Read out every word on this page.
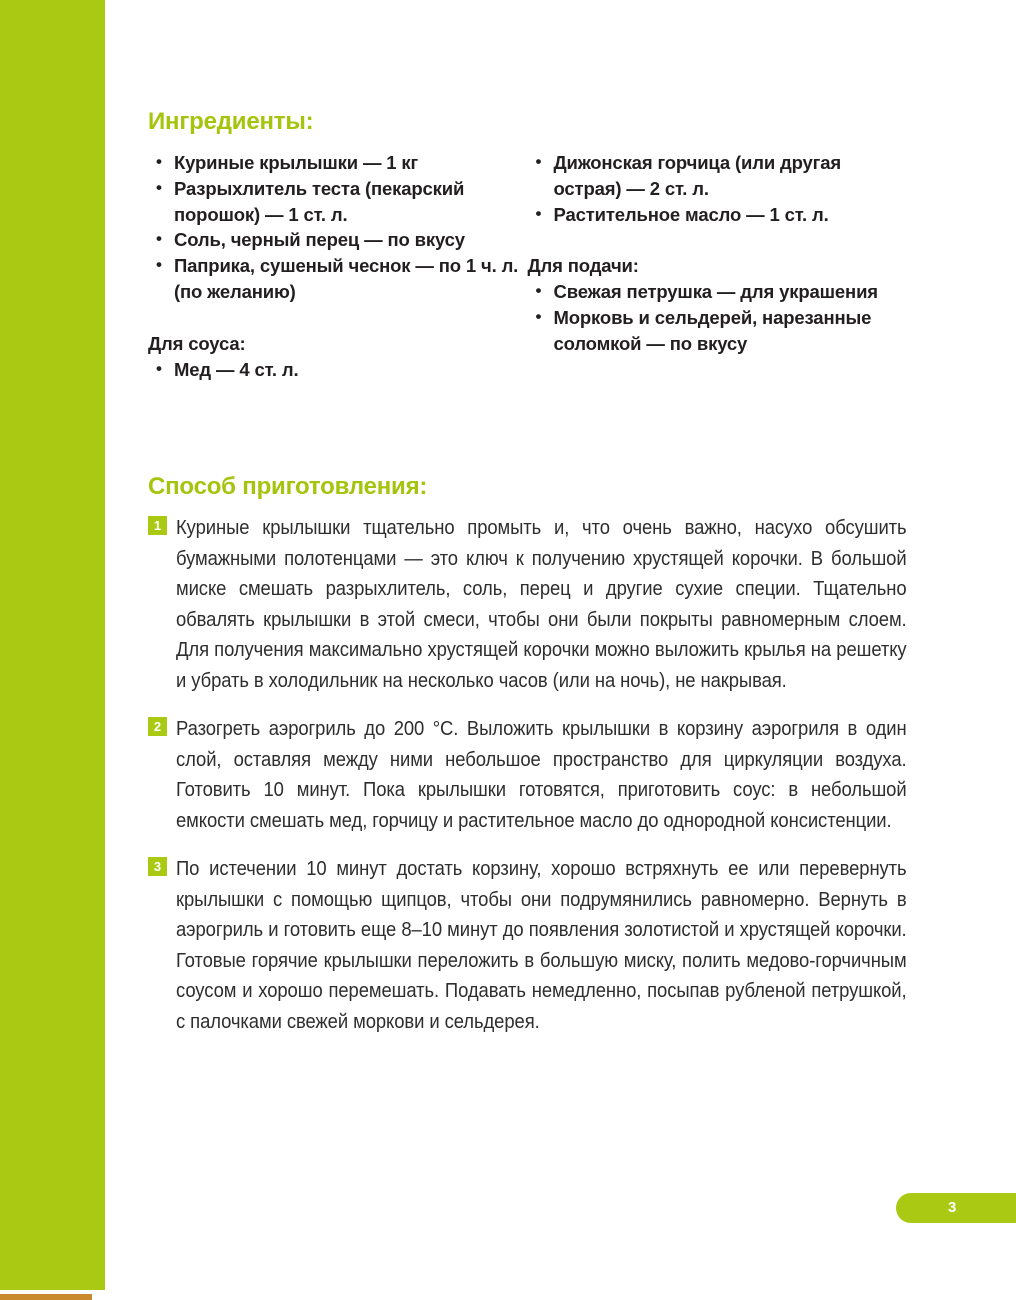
Ингредиенты:
• Куриные крылышки — 1 кг
• Разрыхлитель теста (пекарский порошок) — 1 ст. л.
• Соль, черный перец — по вкусу
• Паприка, сушеный чеснок — по 1 ч. л. (по желанию)

Для соуса:

• Мед — 4 ст. л.
• Дижонская горчица (или другая острая) — 2 ст. л.
• Растительное масло — 1 ст. л.

Для подачи:

• Свежая петрушка — для украшения
• Морковь и сельдерей, нарезанные соломкой — по вкусу
Способ приготовления:
1 Куриные крылышки тщательно промыть и, что очень важно, насухо обсушить бумажными полотенцами — это ключ к получению хрустящей корочки. В большой миске смешать разрыхлитель, соль, перец и другие сухие специи. Тщательно обвалять крылышки в этой смеси, чтобы они были покрыты равномерным слоем. Для получения максимально хрустящей корочки можно выложить крылья на решетку и убрать в холодильник на несколько часов (или на ночь), не накрывая.
2 Разогреть аэрогриль до 200 °С. Выложить крылышки в корзину аэрогриля в один слой, оставляя между ними небольшое пространство для циркуляции воздуха. Готовить 10 минут. Пока крылышки готовятся, приготовить соус: в небольшой емкости смешать мед, горчицу и растительное масло до однородной консистенции.
3 По истечении 10 минут достать корзину, хорошо встряхнуть ее или перевернуть крылышки с помощью щипцов, чтобы они подрумянились равномерно. Вернуть в аэрогриль и готовить еще 8–10 минут до появления золотистой и хрустящей корочки. Готовые горячие крылышки переложить в большую миску, полить медово-горчичным соусом и хорошо перемешать. Подавать немедленно, посыпав рубленой петрушкой, с палочками свежей моркови и сельдерея.
3
